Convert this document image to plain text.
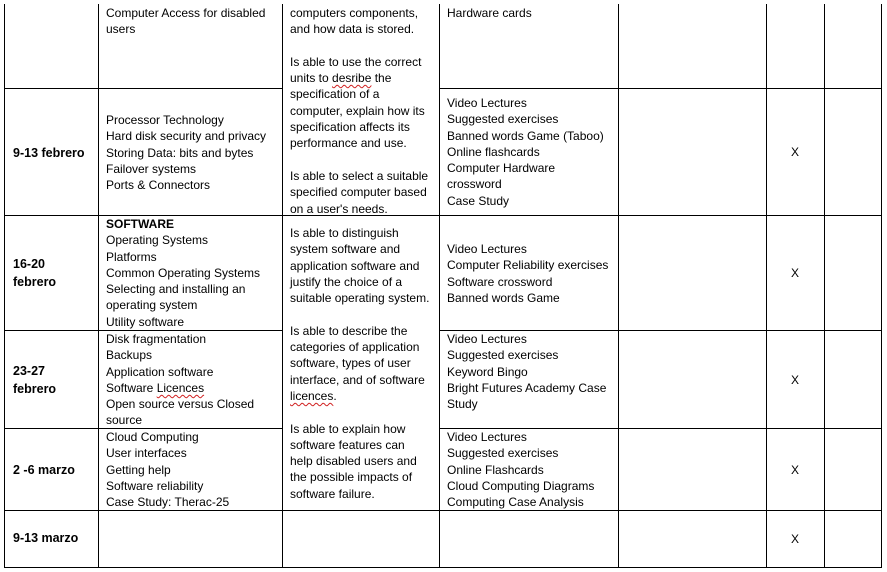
Computer Access for disabled
users
Hardware cards
computers components,
and how data is stored.
Is able to use the correct
units to desribe the
specification of a
computer, explain how its
specification affects its
performance and use.
Is able to select a suitable
specified computer based
on a user's needs.
9-13 febrero
Processor Technology
Hard disk security and privacy
Storing Data: bits and bytes
Failover systems
Ports & Connectors
Video Lectures
Suggested exercises
Banned words Game (Taboo)
Online flashcards
Computer Hardware
crossword
Case Study
X
16-20 febrero
SOFTWARE
Operating Systems
Platforms
Common Operating Systems
Selecting and installing an
operating system
Utility software
Video Lectures
Computer Reliability exercises
Software crossword
Banned words Game
X
Is able to distinguish
system software and
application software and
justify the choice of a
suitable operating system.
Is able to describe the
categories of application
software, types of user
interface, and of software
licences.
Is able to explain how
software features can
help disabled users and
the possible impacts of
software failure.
23-27 febrero
Disk fragmentation
Backups
Application software
Software Licences
Open source versus Closed
source
Video Lectures
Suggested exercises
Keyword Bingo
Bright Futures Academy Case
Study
X
2 -6 marzo
Cloud Computing
User interfaces
Getting help
Software reliability
Case Study: Therac-25
Video Lectures
Suggested exercises
Online Flashcards
Cloud Computing Diagrams
Computing Case Analysis
X
9-13 marzo	X
